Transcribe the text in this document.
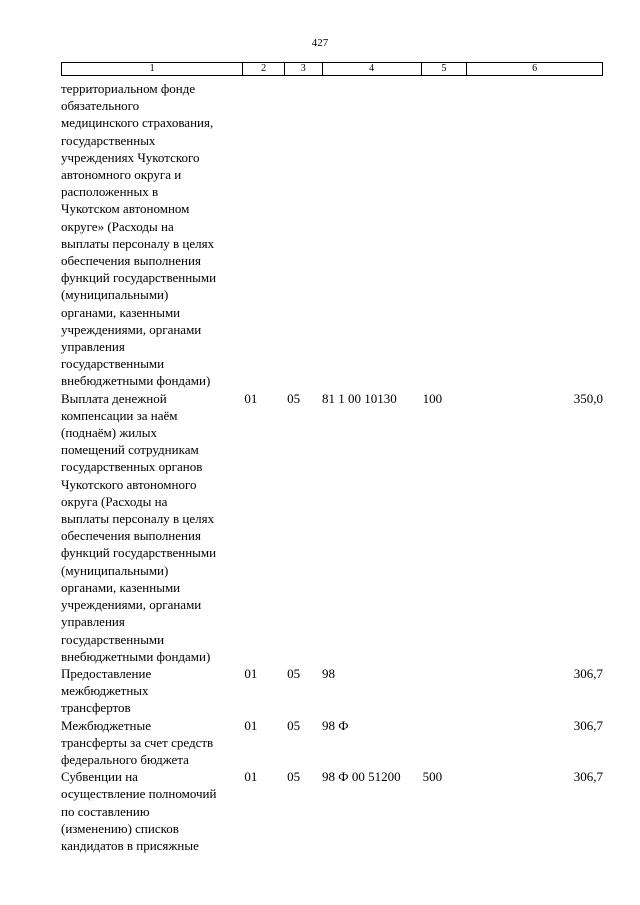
427
1	2	3	4	5	6
территориальном фонде
обязательного
медицинского страхования,
государственных
учреждениях Чукотского
автономного округа и
расположенных в
Чукотском автономном
округе» (Расходы на
выплаты персоналу в целях
обеспечения выполнения
функций государственными
(муниципальными)
органами, казенными
учреждениями, органами
управления
государственными
внебюджетными фондами)
Выплата денежной
компенсации за наём
(поднаём) жилых
помещений сотрудникам
государственных органов
Чукотского автономного
округа (Расходы на
выплаты персоналу в целях
обеспечения выполнения
функций государственными
(муниципальными)
органами, казенными
учреждениями, органами
управления
государственными
внебюджетными фондами)
01	05	81 1 00 10130	100	350,0
Предоставление
межбюджетных
трансфертов
01	05	98	306,7
Межбюджетные
трансферты за счет средств
федерального бюджета
01	05	98 Ф	306,7
Субвенции на
осуществление полномочий
по составлению
(изменению) списков
кандидатов в присяжные
01	05	98 Ф 00 51200	500	306,7
